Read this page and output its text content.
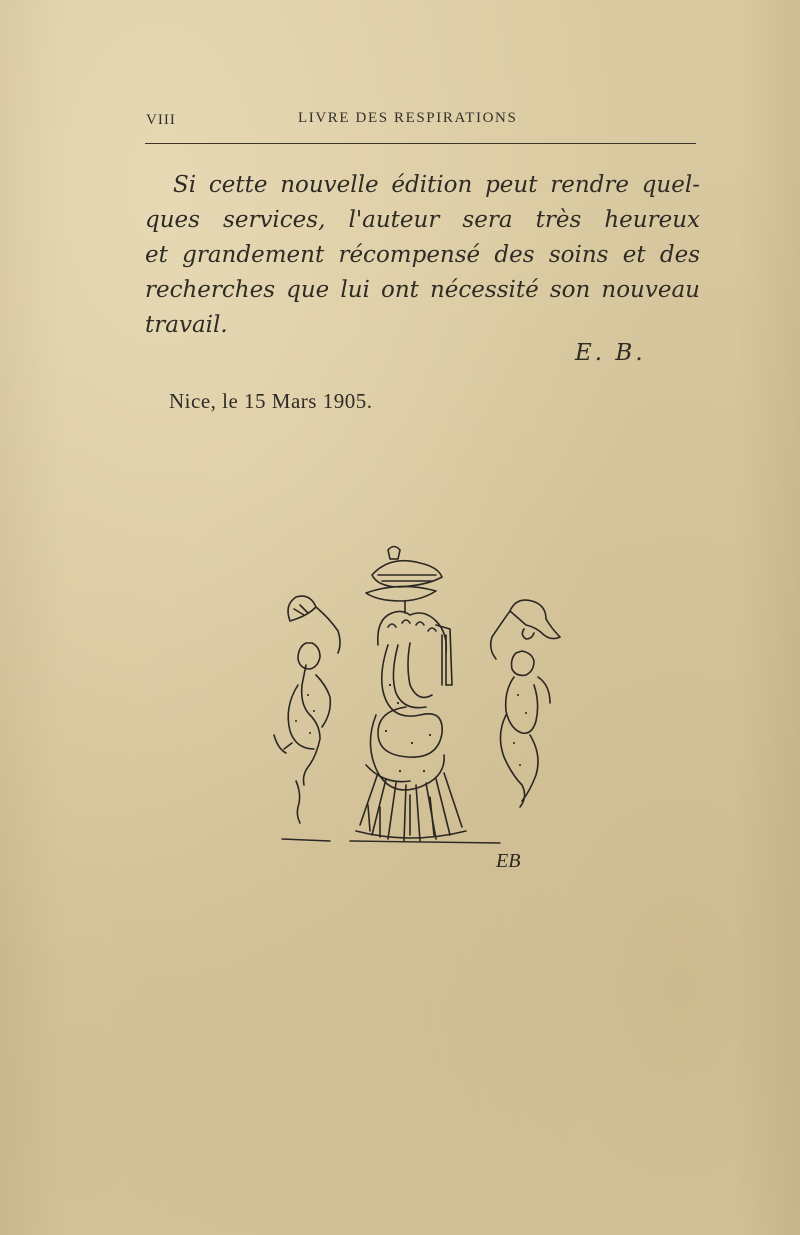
VIII	LIVRE DES RESPIRATIONS
Si cette nouvelle édition peut rendre quel-
ques services, l'auteur sera très heureux
et grandement récompensé des soins et des
recherches que lui ont nécessité son nouveau
travail.
E. B.
Nice, le 15 Mars 1905.
EB
